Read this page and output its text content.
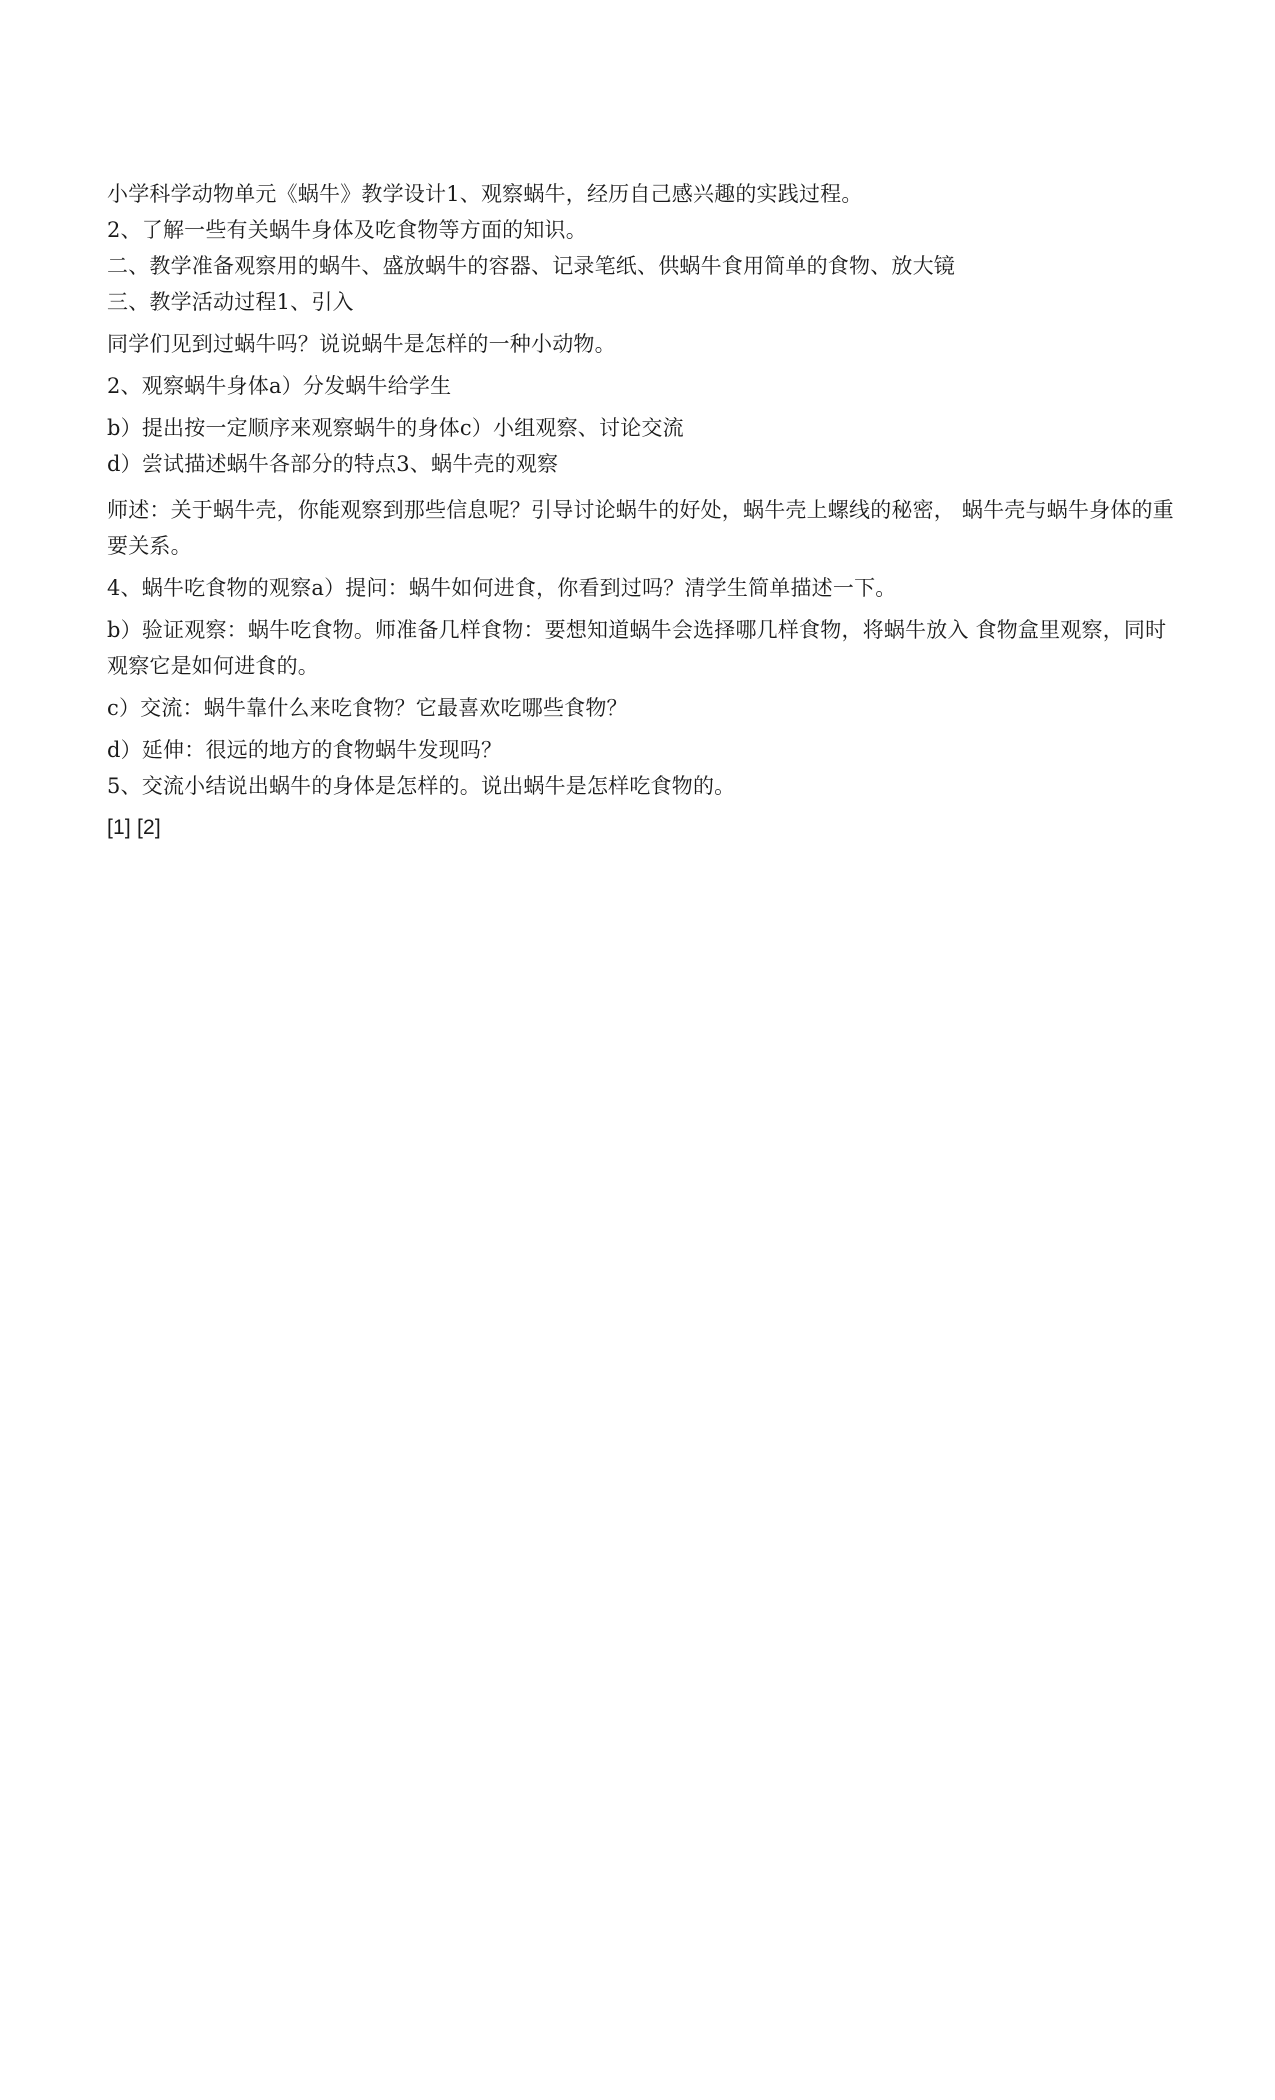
小学科学动物单元《蜗牛》教学设计1、观察蜗牛，经历自己感兴趣的实践过程。

2、了解一些有关蜗牛身体及吃食物等方面的知识。

二、教学准备观察用的蜗牛、盛放蜗牛的容器、记录笔纸、供蜗牛食用简单的食物、放大镜

三、教学活动过程1、引入

同学们见到过蜗牛吗？说说蜗牛是怎样的一种小动物。

2、观察蜗牛身体a）分发蜗牛给学生

b）提出按一定顺序来观察蜗牛的身体c）小组观察、讨论交流

d）尝试描述蜗牛各部分的特点3、蜗牛壳的观察

师述：关于蜗牛壳，你能观察到那些信息呢？引导讨论蜗牛的好处，蜗牛壳上螺线的秘密， 蜗牛壳与蜗牛身体的重要关系。

4、蜗牛吃食物的观察a）提问：蜗牛如何进食，你看到过吗？清学生简单描述一下。

b）验证观察：蜗牛吃食物。师准备几样食物：要想知道蜗牛会选择哪几样食物，将蜗牛放入 食物盒里观察，同时观察它是如何进食的。

c）交流：蜗牛靠什么来吃食物？它最喜欢吃哪些食物？

d）延伸：很远的地方的食物蜗牛发现吗？

5、交流小结说出蜗牛的身体是怎样的。说出蜗牛是怎样吃食物的。

[1] [2]
